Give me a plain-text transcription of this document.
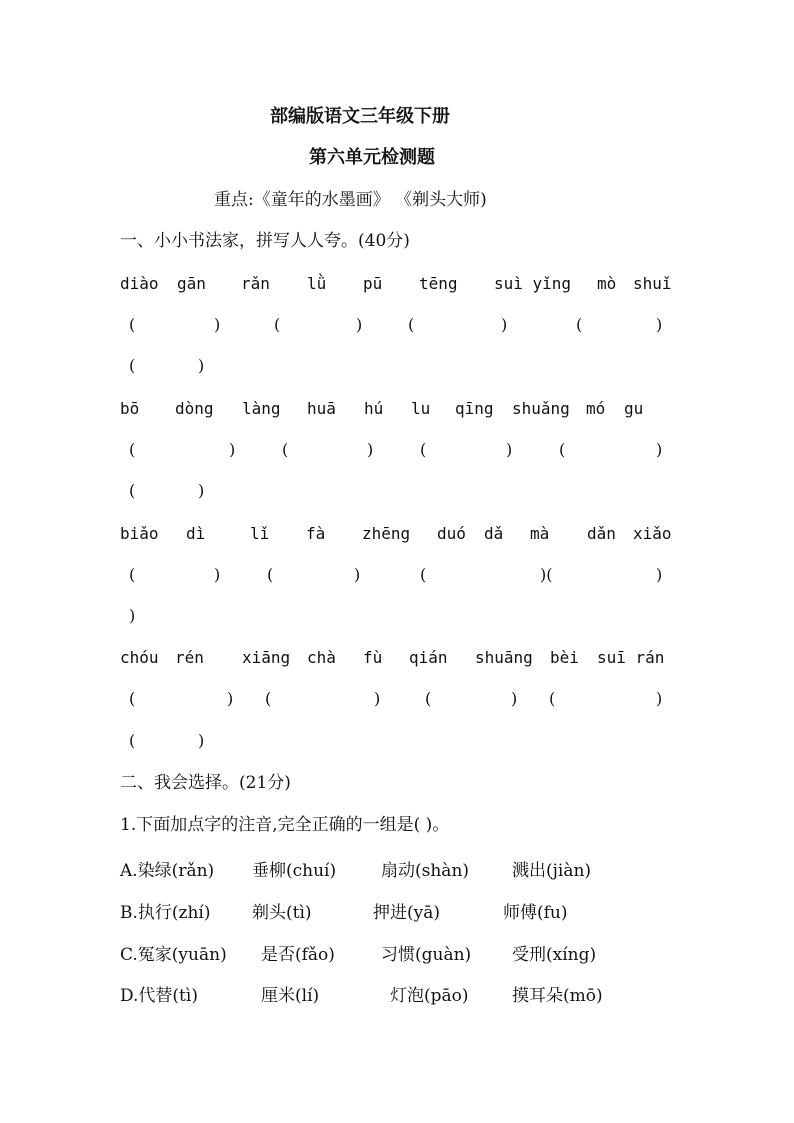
部编版语文三年级下册
第六单元检测题
重点:《童年的水墨画》 《剃头大师)
一、小小书法家，拼写人人夸。(40分)
diào gān rǎn lǜ pū tēng suì yǐng mò shuǐ
(	)	(	)	(	)	(	)
(	)
bō dòng làng huā hú lu qīng shuǎng mó gu
(	)	(	)	(	)	(	)
(	)
biǎo dì	lǐ fà zhēng duó dǎ mà dǎn xiǎo
(	)	(	)	(	)(	)
)
chóu rén xiāng chà fù qián shuāng bèi suī rán
(	) (	)	(	) (	)
(	)
二、我会选择。(21分)
1.下面加点字的注音,完全正确的一组是( )。
A.染绿(rǎn) 垂柳(chuí)	扇动(shàn)	溅出(jiàn)
B.执行(zhí) 剃头(tì)	押进(yā)	师傅(fu)
C.冤家(yuān) 是否(fǎo)	习惯(guàn) 受刑(xíng)
D.代替(tì)	厘米(lí)	灯泡(pāo)	摸耳朵(mō)
